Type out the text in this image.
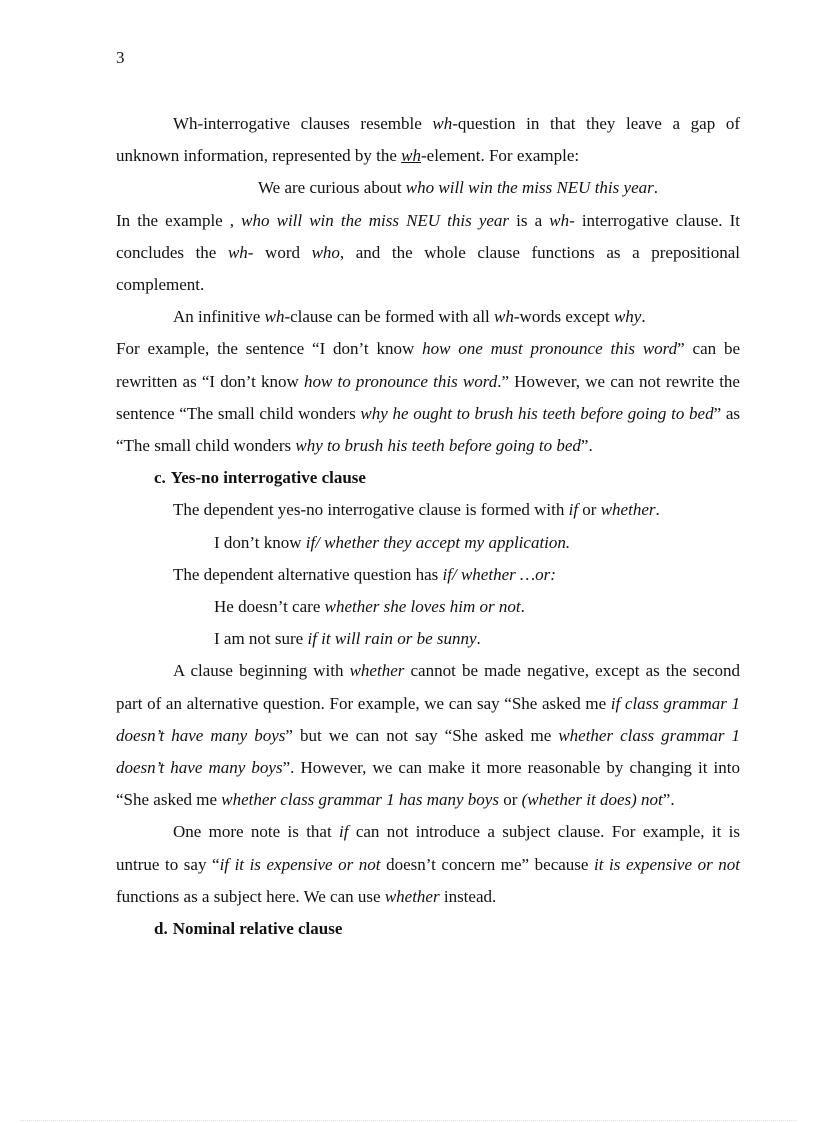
3

Wh-interrogative clauses resemble wh-question in that they leave a gap of unknown information, represented by the wh-element. For example:

We are curious about who will win the miss NEU this year.

In the example , who will win the miss NEU this year is a wh- interrogative clause. It concludes the wh- word who, and the whole clause functions as a prepositional complement.

An infinitive wh-clause can be formed with all wh-words except why.

For example, the sentence “I don’t know how one must pronounce this word” can be rewritten as “I don’t know how to pronounce this word.” However, we can not rewrite the sentence “The small child wonders why he ought to brush his teeth before going to bed” as “The small child wonders why to brush his teeth before going to bed”.

c. Yes-no interrogative clause

The dependent yes-no interrogative clause is formed with if or whether.

I don’t know if/ whether they accept my application.

The dependent alternative question has if/ whether …or:

He doesn’t care whether she loves him or not.

I am not sure if it will rain or be sunny.

A clause beginning with whether cannot be made negative, except as the second part of an alternative question. For example, we can say “She asked me if class grammar 1 doesn’t have many boys” but we can not say “She asked me whether class grammar 1 doesn’t have many boys”. However, we can make it more reasonable by changing it into “She asked me whether class grammar 1 has many boys or (whether it does) not”.

One more note is that if can not introduce a subject clause. For example, it is untrue to say “if it is expensive or not doesn’t concern me” because it is expensive or not functions as a subject here. We can use whether instead.

d. Nominal relative clause
